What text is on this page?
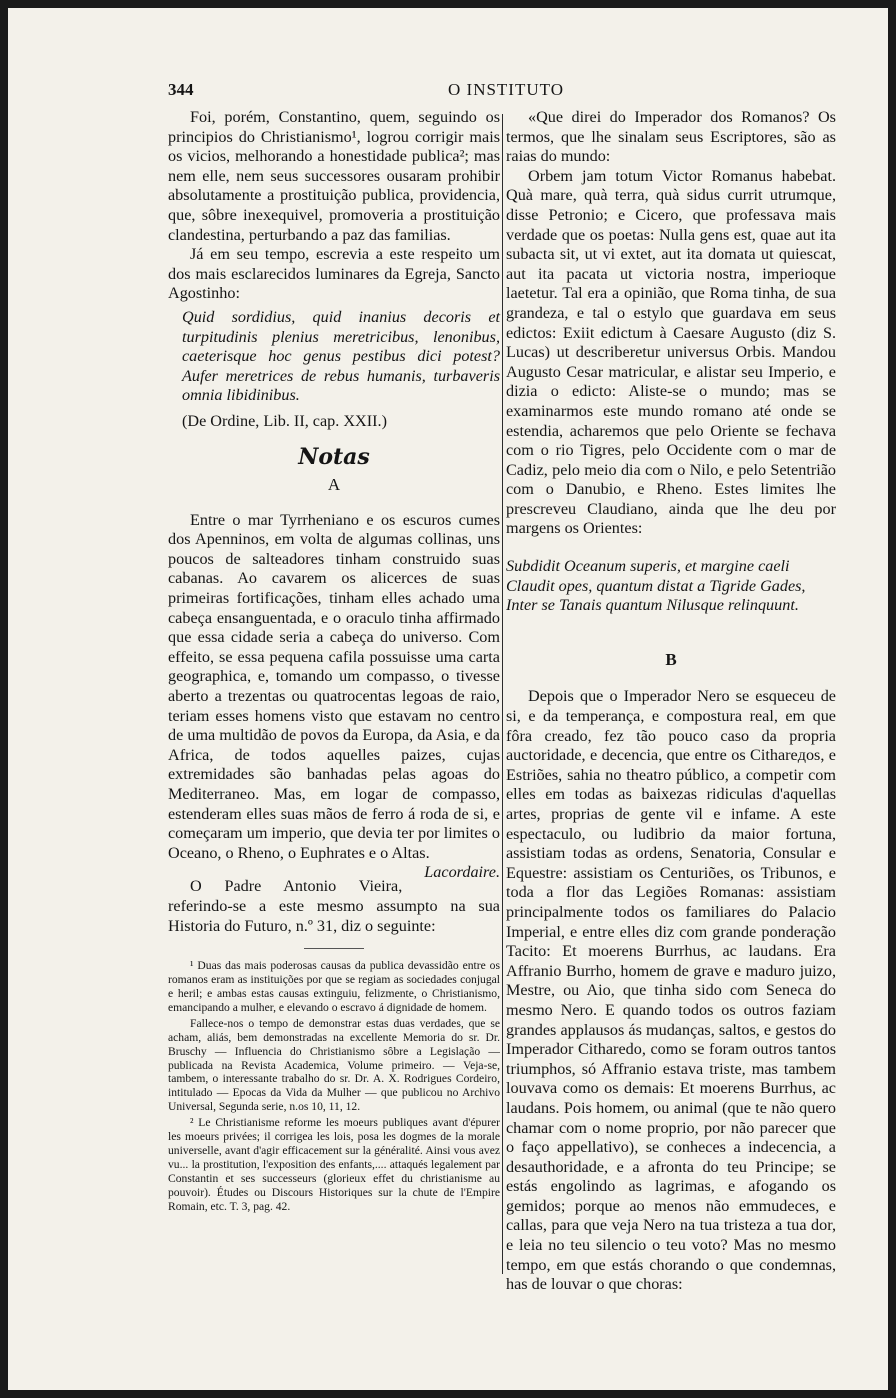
344	O INSTITUTO

Foi, porém, Constantino, quem, seguindo os principios do Christianismo¹, logrou corrigir mais os vicios, melhorando a honestidade publica²; mas nem elle, nem seus successores ousaram prohibir absolutamente a prostituição publica, providencia, que, sôbre inexequivel, promoveria a prostituição clandestina, perturbando a paz das familias.

Já em seu tempo, escrevia a este respeito um dos mais esclarecidos luminares da Egreja, Sancto Agostinho:

Quid sordidius, quid inanius decoris et turpitudinis plenius meretricibus, lenonibus, caeterisque hoc genus pestibus dici potest? Aufer meretrices de rebus humanis, turbaveris omnia libidinibus.

(De Ordine, Lib. II, cap. XXII.)

Notas
A

Entre o mar Tyrrheniano e os escuros cumes dos Apenninos, em volta de algumas collinas, uns poucos de salteadores tinham construido suas cabanas. Ao cavarem os alicerces de suas primeiras fortificações, tinham elles achado uma cabeça ensanguentada, e o oraculo tinha affirmado que essa cidade seria a cabeça do universo. Com effeito, se essa pequena cafila possuisse uma carta geographica, e, tomando um compasso, o tivesse aberto a trezentas ou quatrocentas legoas de raio, teriam esses homens visto que estavam no centro de uma multidão de povos da Europa, da Asia, e da Africa, de todos aquelles paizes, cujas extremidades são banhadas pelas agoas do Mediterraneo. Mas, em logar de compasso, estenderam elles suas mãos de ferro á roda de si, e começaram um imperio, que devia ter por limites o Oceano, o Rheno, o Euphrates e o Altas.
Lacordaire.

O Padre Antonio Vieira, referindo-se a este mesmo assumpto na sua Historia do Futuro, n.º 31, diz o seguinte:

¹ Duas das mais poderosas causas da publica devassidão entre os romanos eram as instituições por que se regiam as sociedades conjugal e heril; e ambas estas causas extinguiu, felizmente, o Christianismo, emancipando a mulher, e elevando o escravo á dignidade de homem.

Fallece-nos o tempo de demonstrar estas duas verdades, que se acham, aliás, bem demonstradas na excellente Memoria do sr. Dr. Bruschy — Influencia do Christianismo sôbre a Legislação — publicada na Revista Academica, Volume primeiro. — Veja-se, tambem, o interessante trabalho do sr. Dr. A. X. Rodrigues Cordeiro, intitulado — Epocas da Vida da Mulher — que publicou no Archivo Universal, Segunda serie, n.os 10, 11, 12.

² Le Christianisme reforme les moeurs publiques avant d'épurer les moeurs privées; il corrigea les lois, posa les dogmes de la morale universelle, avant d'agir efficacement sur la généralité. Ainsi vous avez vu... la prostitution, l'exposition des enfants,.... attaqués legalement par Constantin et ses successeurs (glorieux effet du christianisme au pouvoir). Études ou Discours Historiques sur la chute de l'Empire Romain, etc. T. 3, pag. 42.

«Que direi do Imperador dos Romanos? Os termos, que lhe sinalam seus Escriptores, são as raias do mundo:

Orbem jam totum Victor Romanus habebat. Quà mare, quà terra, quà sidus currit utrumque, disse Petronio; e Cicero, que professava mais verdade que os poetas: Nulla gens est, quae aut ita subacta sit, ut vi extet, aut ita domata ut quiescat, aut ita pacata ut victoria nostra, imperioque laetetur. Tal era a opinião, que Roma tinha, de sua grandeza, e tal o estylo que guardava em seus edictos: Exiit edictum à Caesare Augusto (diz S. Lucas) ut describeretur universus Orbis. Mandou Augusto Cesar matricular, e alistar seu Imperio, e dizia o edicto: Aliste-se o mundo; mas se examinarmos este mundo romano até onde se estendia, acharemos que pelo Oriente se fechava com o rio Tigres, pelo Occidente com o mar de Cadiz, pelo meio dia com o Nilo, e pelo Setentrião com o Danubio, e Rheno. Estes limites lhe prescreveu Claudiano, ainda que lhe deu por margens os Orientes:

Subdidit Oceanum superis, et margine caeli

Claudit opes, quantum distat a Tigride Gades,

Inter se Tanais quantum Nilusque relinquunt.

B

Depois que o Imperador Nero se esqueceu de si, e da temperança, e compostura real, em que fôra creado, fez tão pouco caso da propria auctoridade, e decencia, que entre os Cithareдos, e Estriões, sahia no theatro público, a competir com elles em todas as baixezas ridiculas d'aquellas artes, proprias de gente vil e infame. A este espectaculo, ou ludibrio da maior fortuna, assistiam todas as ordens, Senatoria, Consular e Equestre: assistiam os Centuriões, os Tribunos, e toda a flor das Legiões Romanas: assistiam principalmente todos os familiares do Palacio Imperial, e entre elles diz com grande ponderação Tacito: Et moerens Burrhus, ac laudans. Era Affranio Burrho, homem de grave e maduro juizo, Mestre, ou Aio, que tinha sido com Seneca do mesmo Nero. E quando todos os outros faziam grandes applausos ás mudanças, saltos, e gestos do Imperador Citharedo, como se foram outros tantos triumphos, só Affranio estava triste, mas tambem louvava como os demais: Et moerens Burrhus, ac laudans. Pois homem, ou animal (que te não quero chamar com o nome proprio, por não parecer que o faço appellativo), se conheces a indecencia, a desauthoridade, e a afronta do teu Principe; se estás engolindo as lagrimas, e afogando os gemidos; porque ao menos não emmudeces, e callas, para que veja Nero na tua tristeza a tua dor, e leia no teu silencio o teu voto? Mas no mesmo tempo, em que estás chorando o que condemnas, has de louvar o que choras:
